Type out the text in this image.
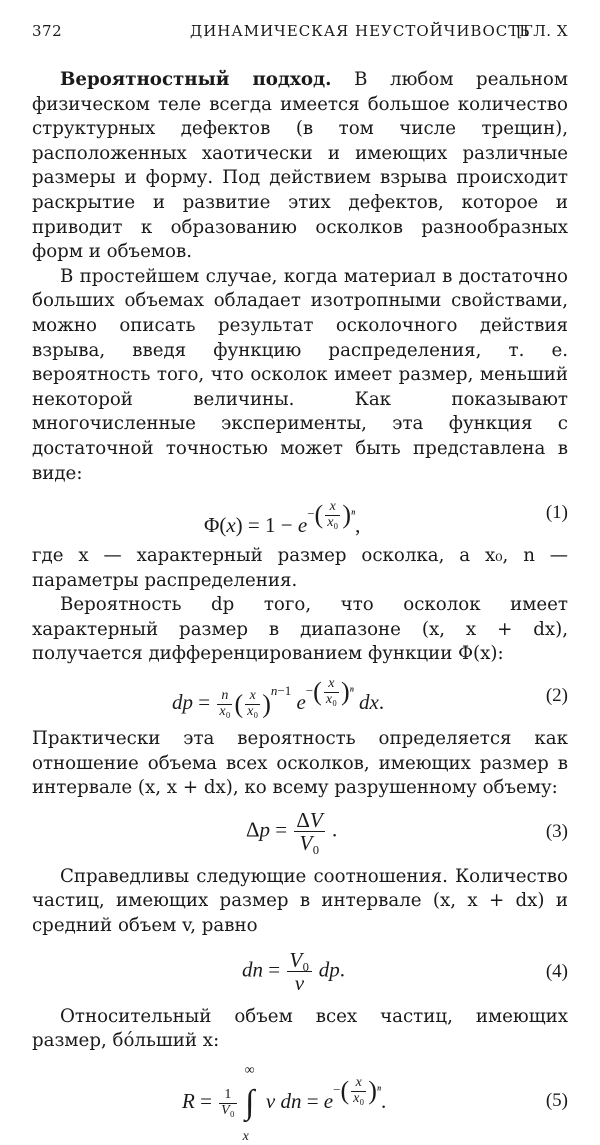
372	ДИНАМИЧЕСКАЯ НЕУСТОЙЧИВОСТЬ
[ГЛ. X

Вероятностный подход. В любом реальном физическом теле всегда имеется большое количество структурных дефектов (в том числе трещин), расположенных хаотически и имеющих различные размеры и форму. Под действием взрыва происходит раскрытие и развитие этих дефектов, которое и приводит к образованию осколков разнообразных форм и объемов.

В простейшем случае, когда материал в достаточно больших объемах обладает изотропными свойствами, можно описать результат осколочного действия взрыва, введя функцию распределения, т. е. вероятность того, что осколок имеет размер, меньший некоторой величины. Как показывают многочисленные эксперименты, эта функция с достаточной точностью может быть представлена в виде:

$\Phi(x) = 1 - e-( \frac{x}{\text{x₀}} )^n$,
(1)

где x — характерный размер осколка, а x₀, n — параметры распределения.

Вероятность dp того, что осколок имеет характерный размер в диапазоне (x, x + dx), получается дифференцированием функции Φ(x):

dp = $\frac{n}{\text{x₀}}$ ( $\frac{x}{\text{x₀}} )n-1$ $e-( \frac{x}{\text{x₀}} )^n$ dx.	(2)

Практически эта вероятность определяется как отношение объема всех осколков, имеющих размер в интервале (x, x + dx), ко всему разрушенному объему:

$\Delta p = \frac{\Delta V}{\text{V₀}}$ .	(3)

Справедливы следующие соотношения. Количество частиц, имеющих размер в интервале (x, x + dx) и средний объем v, равно

dn = $\frac{\text{V₀}}{v}$ dp.	(4)

Относительный объем всех частиц, имеющих размер, бо́льший x:

$R = \frac{1}{\text{V₀}}$ ∫
∞
x
v dn = $e-( \frac{x}{\text{x₀}} )^n$.	(5)
